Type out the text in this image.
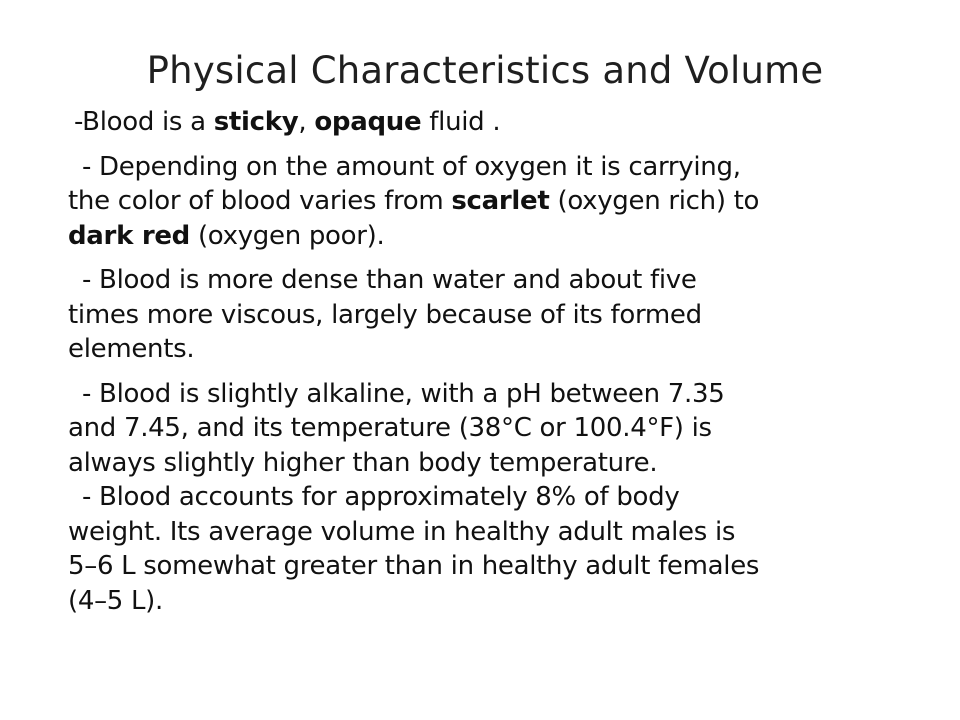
Physical Characteristics and Volume

-Blood is a sticky, opaque fluid .

- Depending on the amount of oxygen it is carrying,
the color of blood varies from scarlet (oxygen rich) to
dark red (oxygen poor).
- Blood is more dense than water and about five
times more viscous, largely because of its formed
elements.
- Blood is slightly alkaline, with a pH between 7.35
and 7.45, and its temperature (38°C or 100.4°F) is
always slightly higher than body temperature.
- Blood accounts for approximately 8% of body
weight. Its average volume in healthy adult males is
5–6 L somewhat greater than in healthy adult females
(4–5 L).
